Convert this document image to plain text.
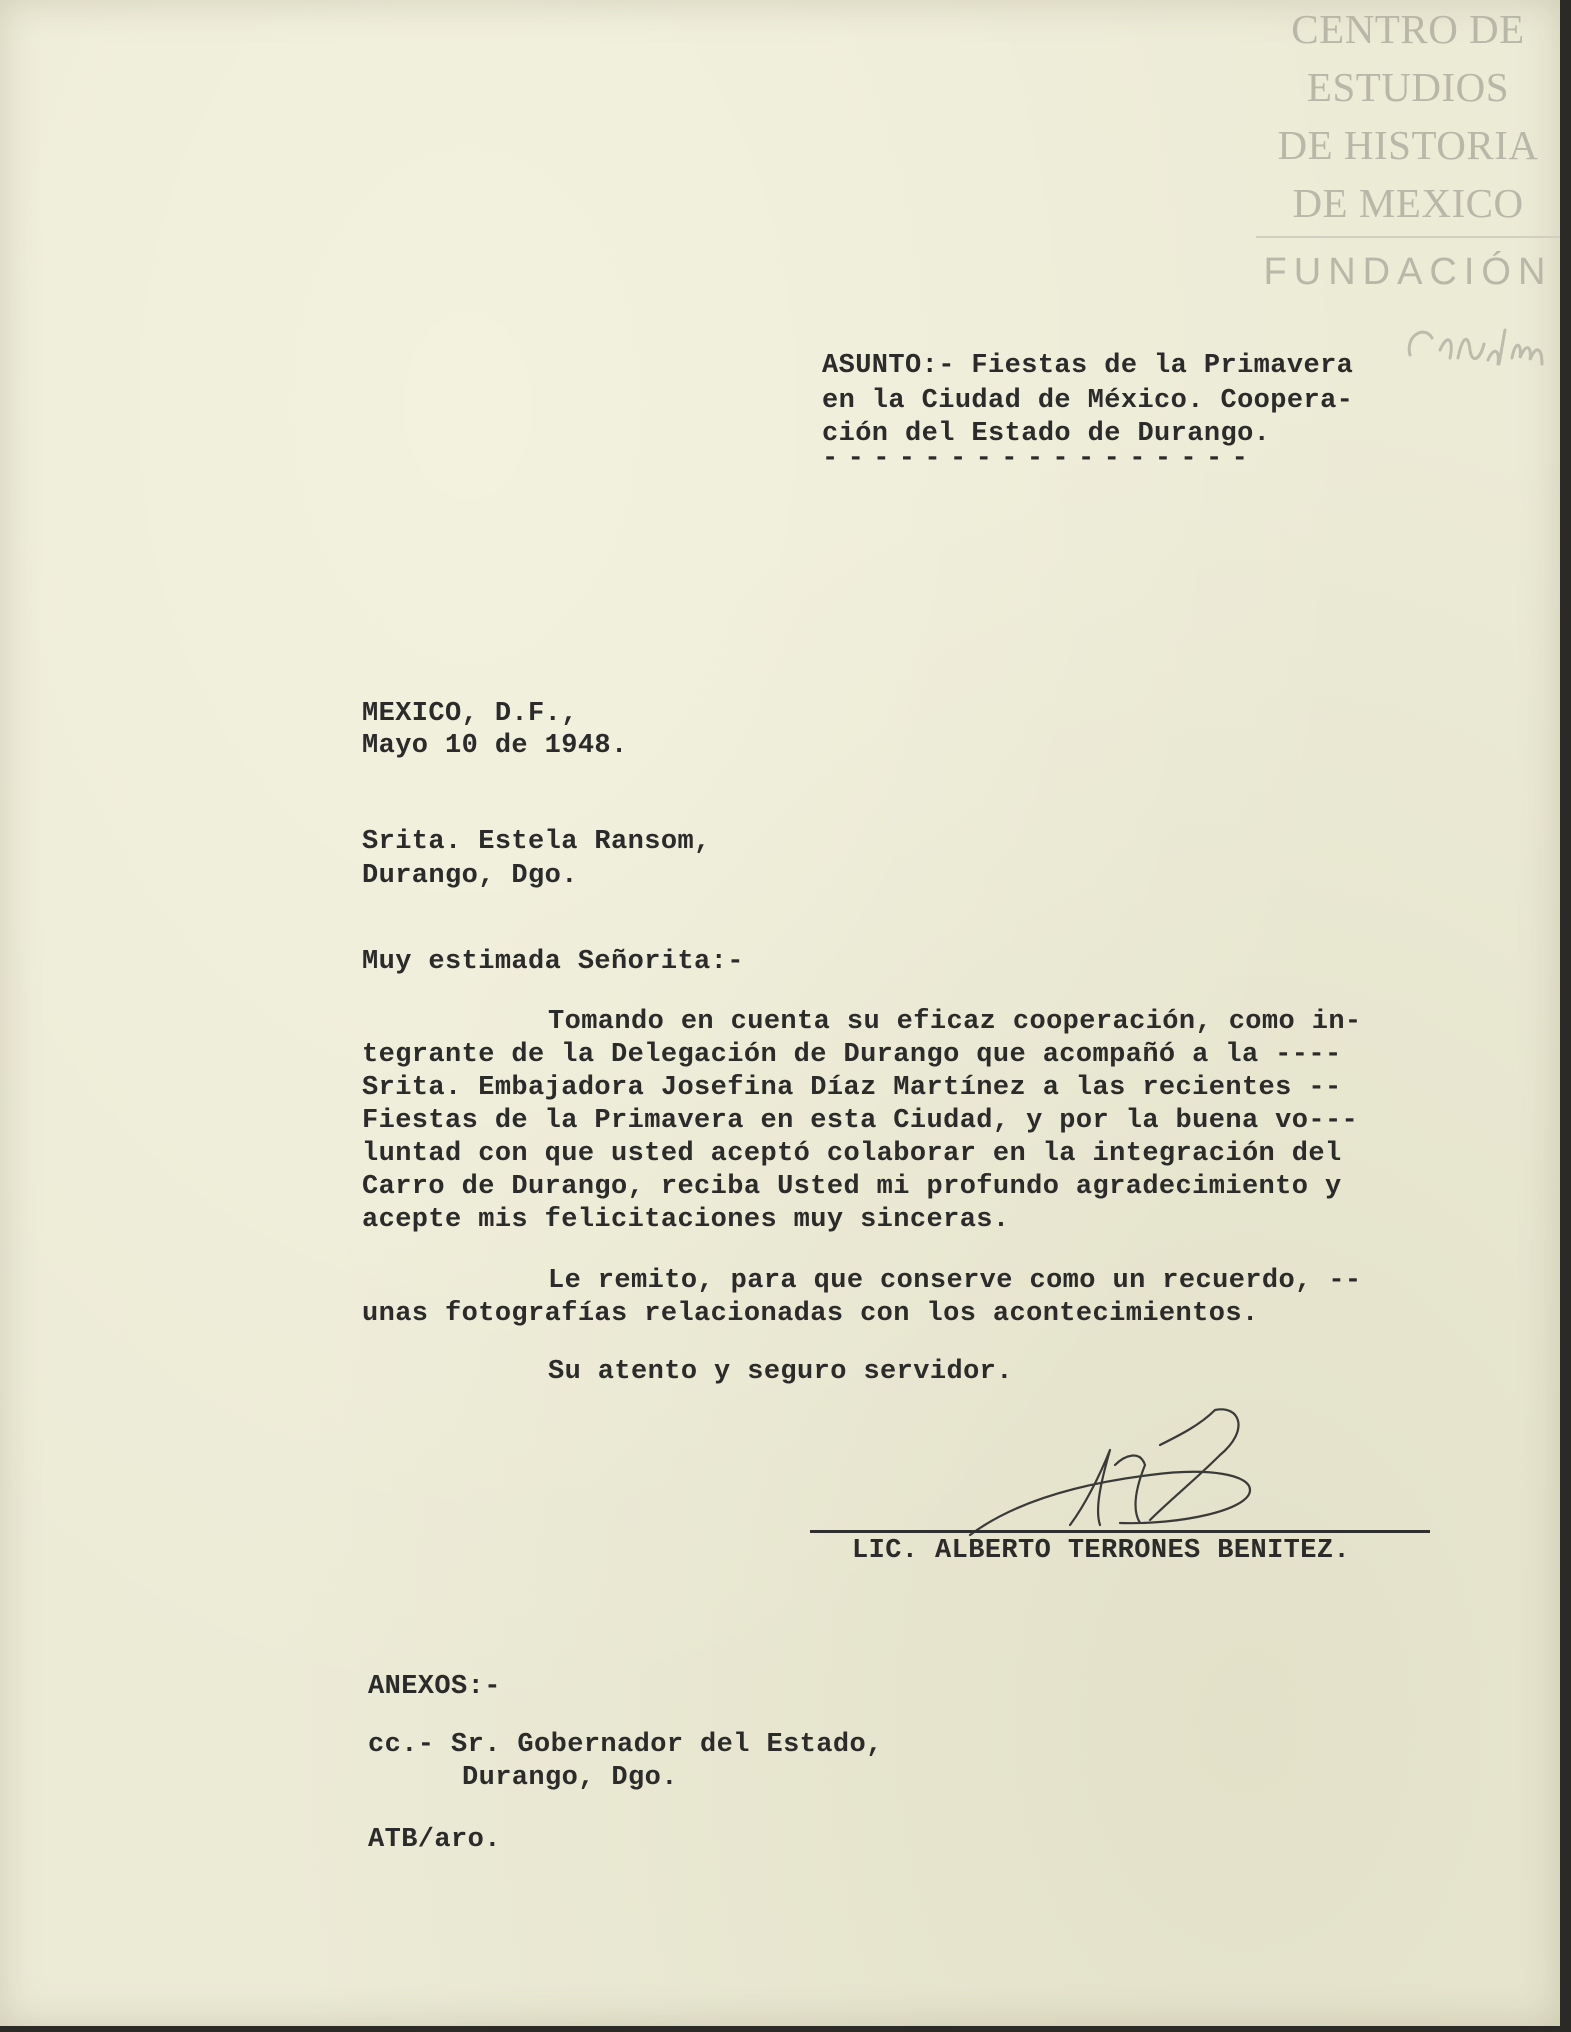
CENTRO DE
ESTUDIOS
DE HISTORIA
DE MEXICO
FUNDACIÓN
ASUNTO:- Fiestas de la Primavera
en la Ciudad de México. Coopera-
ción del Estado de Durango.
-----------------
MEXICO, D.F.,
Mayo 10 de 1948.
Srita. Estela Ransom,
Durango, Dgo.
Muy estimada Señorita:-
Tomando en cuenta su eficaz cooperación, como in-
tegrante de la Delegación de Durango que acompañó a la ----
Srita. Embajadora Josefina Díaz Martínez a las recientes --
Fiestas de la Primavera en esta Ciudad, y por la buena vo---
luntad con que usted aceptó colaborar en la integración del
Carro de Durango, reciba Usted mi profundo agradecimiento y
acepte mis felicitaciones muy sinceras.
Le remito, para que conserve como un recuerdo, --
unas fotografías relacionadas con los acontecimientos.
Su atento y seguro servidor.
LIC. ALBERTO TERRONES BENITEZ.
ANEXOS:-
cc.- Sr. Gobernador del Estado,
Durango, Dgo.
ATB/aro.
